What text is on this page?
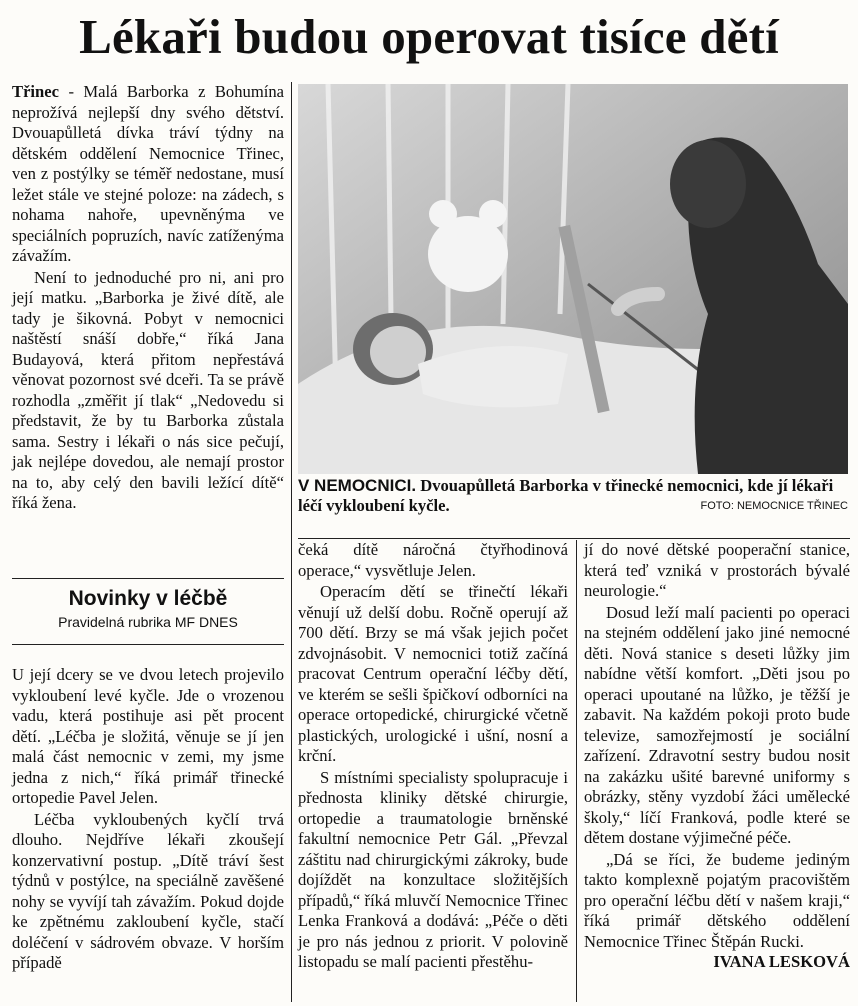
Lékaři budou operovat tisíce dětí

Třinec - Malá Barborka z Bohumína neprožívá nejlepší dny svého dětství. Dvouapůlletá dívka tráví týdny na dětském oddělení Nemocnice Třinec, ven z postýlky se téměř nedostane, musí ležet stále ve stejné poloze: na zádech, s nohama nahoře, upevněnýma ve speciálních popruzích, navíc zatíženýma závažím.

Není to jednoduché pro ni, ani pro její matku. „Barborka je živé dítě, ale tady je šikovná. Pobyt v nemocnici naštěstí snáší dobře,“ říká Jana Budayová, která přitom nepřestává věnovat pozornost své dceři. Ta se právě rozhodla „změřit jí tlak“ „Nedovedu si představit, že by tu Barborka zůstala sama. Sestry i lékaři o nás sice pečují, jak nejlépe dovedou, ale nemají prostor na to, aby celý den bavili ležící dítě“ říká žena.

Novinky v léčbě
Pravidelná rubrika MF DNES

U její dcery se ve dvou letech projevilo vykloubení levé kyčle. Jde o vrozenou vadu, která postihuje asi pět procent dětí. „Léčba je složitá, věnuje se jí jen malá část nemocnic v zemi, my jsme jedna z nich,“ říká primář třinecké ortopedie Pavel Jelen.

Léčba vykloubených kyčlí trvá dlouho. Nejdříve lékaři zkoušejí konzervativní postup. „Dítě tráví šest týdnů v postýlce, na speciálně zavěšené nohy se vyvíjí tah závažím. Pokud dojde ke zpětnému zakloubení kyčle, stačí doléčení v sádrovém obvaze. V horším případě

V NEMOCNICI. Dvouapůlletá Barborka v třinecké nemocnici, kde jí lékaři léčí vykloubení kyčle.	FOTO: NEMOCNICE TŘINEC

čeká dítě náročná čtyřhodinová operace,“ vysvětluje Jelen.

Operacím dětí se třinečtí lékaři věnují už delší dobu. Ročně operují až 700 dětí. Brzy se má však jejich počet zdvojnásobit. V nemocnici totiž začíná pracovat Centrum operační léčby dětí, ve kterém se sešli špičkoví odborníci na operace ortopedické, chirurgické včetně plastických, urologické i ušní, nosní a krční.

S místními specialisty spolupracuje i přednosta kliniky dětské chirurgie, ortopedie a traumatologie brněnské fakultní nemocnice Petr Gál. „Převzal záštitu nad chirurgickými zákroky, bude dojíždět na konzultace složitějších případů,“ říká mluvčí Nemocnice Třinec Lenka Franková a dodává: „Péče o děti je pro nás jednou z priorit. V polovině listopadu se malí pacienti přestěhu-

jí do nové dětské pooperační stanice, která teď vzniká v prostorách bývalé neurologie.“

Dosud leží malí pacienti po operaci na stejném oddělení jako jiné nemocné děti. Nová stanice s deseti lůžky jim nabídne větší komfort. „Děti jsou po operaci upoutané na lůžko, je těžší je zabavit. Na každém pokoji proto bude televize, samozřejmostí je sociální zařízení. Zdravotní sestry budou nosit na zakázku ušité barevné uniformy s obrázky, stěny vyzdobí žáci umělecké školy,“ líčí Franková, podle které se dětem dostane výjimečné péče.

„Dá se říci, že budeme jediným takto komplexně pojatým pracovištěm pro operační léčbu dětí v našem kraji,“ říká primář dětského oddělení Nemocnice Třinec Štěpán Rucki.

IVANA LESKOVÁ
